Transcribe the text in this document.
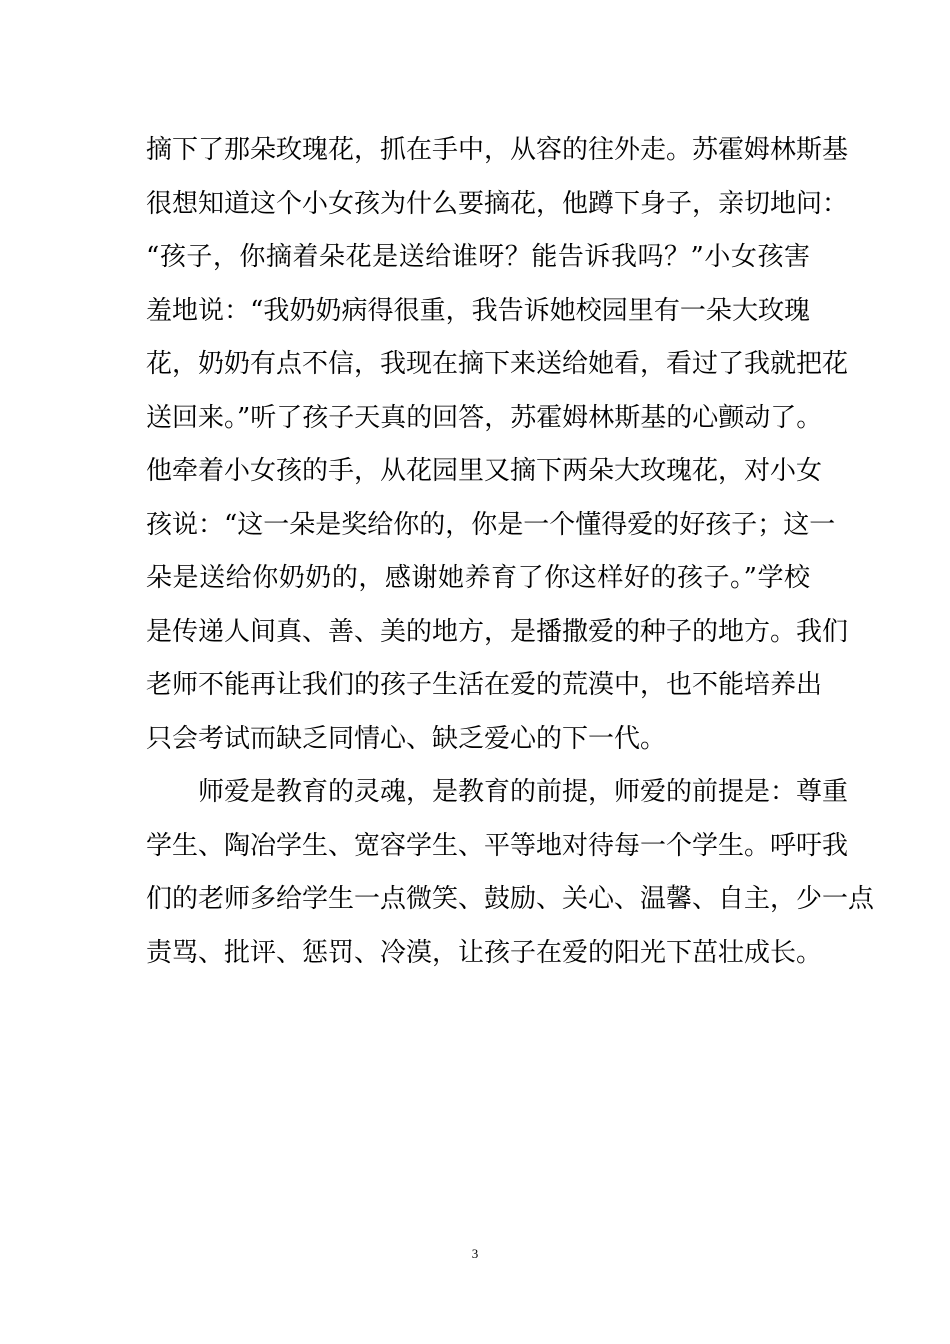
摘下了那朵玫瑰花，抓在手中，从容的往外走。苏霍姆林斯基
很想知道这个小女孩为什么要摘花，他蹲下身子，亲切地问：
“孩子，你摘着朵花是送给谁呀？能告诉我吗？”小女孩害
羞地说：“我奶奶病得很重，我告诉她校园里有一朵大玫瑰
花，奶奶有点不信，我现在摘下来送给她看，看过了我就把花
送回来。”听了孩子天真的回答，苏霍姆林斯基的心颤动了。
他牵着小女孩的手，从花园里又摘下两朵大玫瑰花，对小女
孩说：“这一朵是奖给你的，你是一个懂得爱的好孩子；这一
朵是送给你奶奶的，感谢她养育了你这样好的孩子。”学校
是传递人间真、善、美的地方，是播撒爱的种子的地方。我们
老师不能再让我们的孩子生活在爱的荒漠中，也不能培养出
只会考试而缺乏同情心、缺乏爱心的下一代。
师爱是教育的灵魂，是教育的前提，师爱的前提是：尊重
学生、陶冶学生、宽容学生、平等地对待每一个学生。呼吁我
们的老师多给学生一点微笑、鼓励、关心、温馨、自主，少一点
责骂、批评、惩罚、冷漠，让孩子在爱的阳光下茁壮成长。
3
